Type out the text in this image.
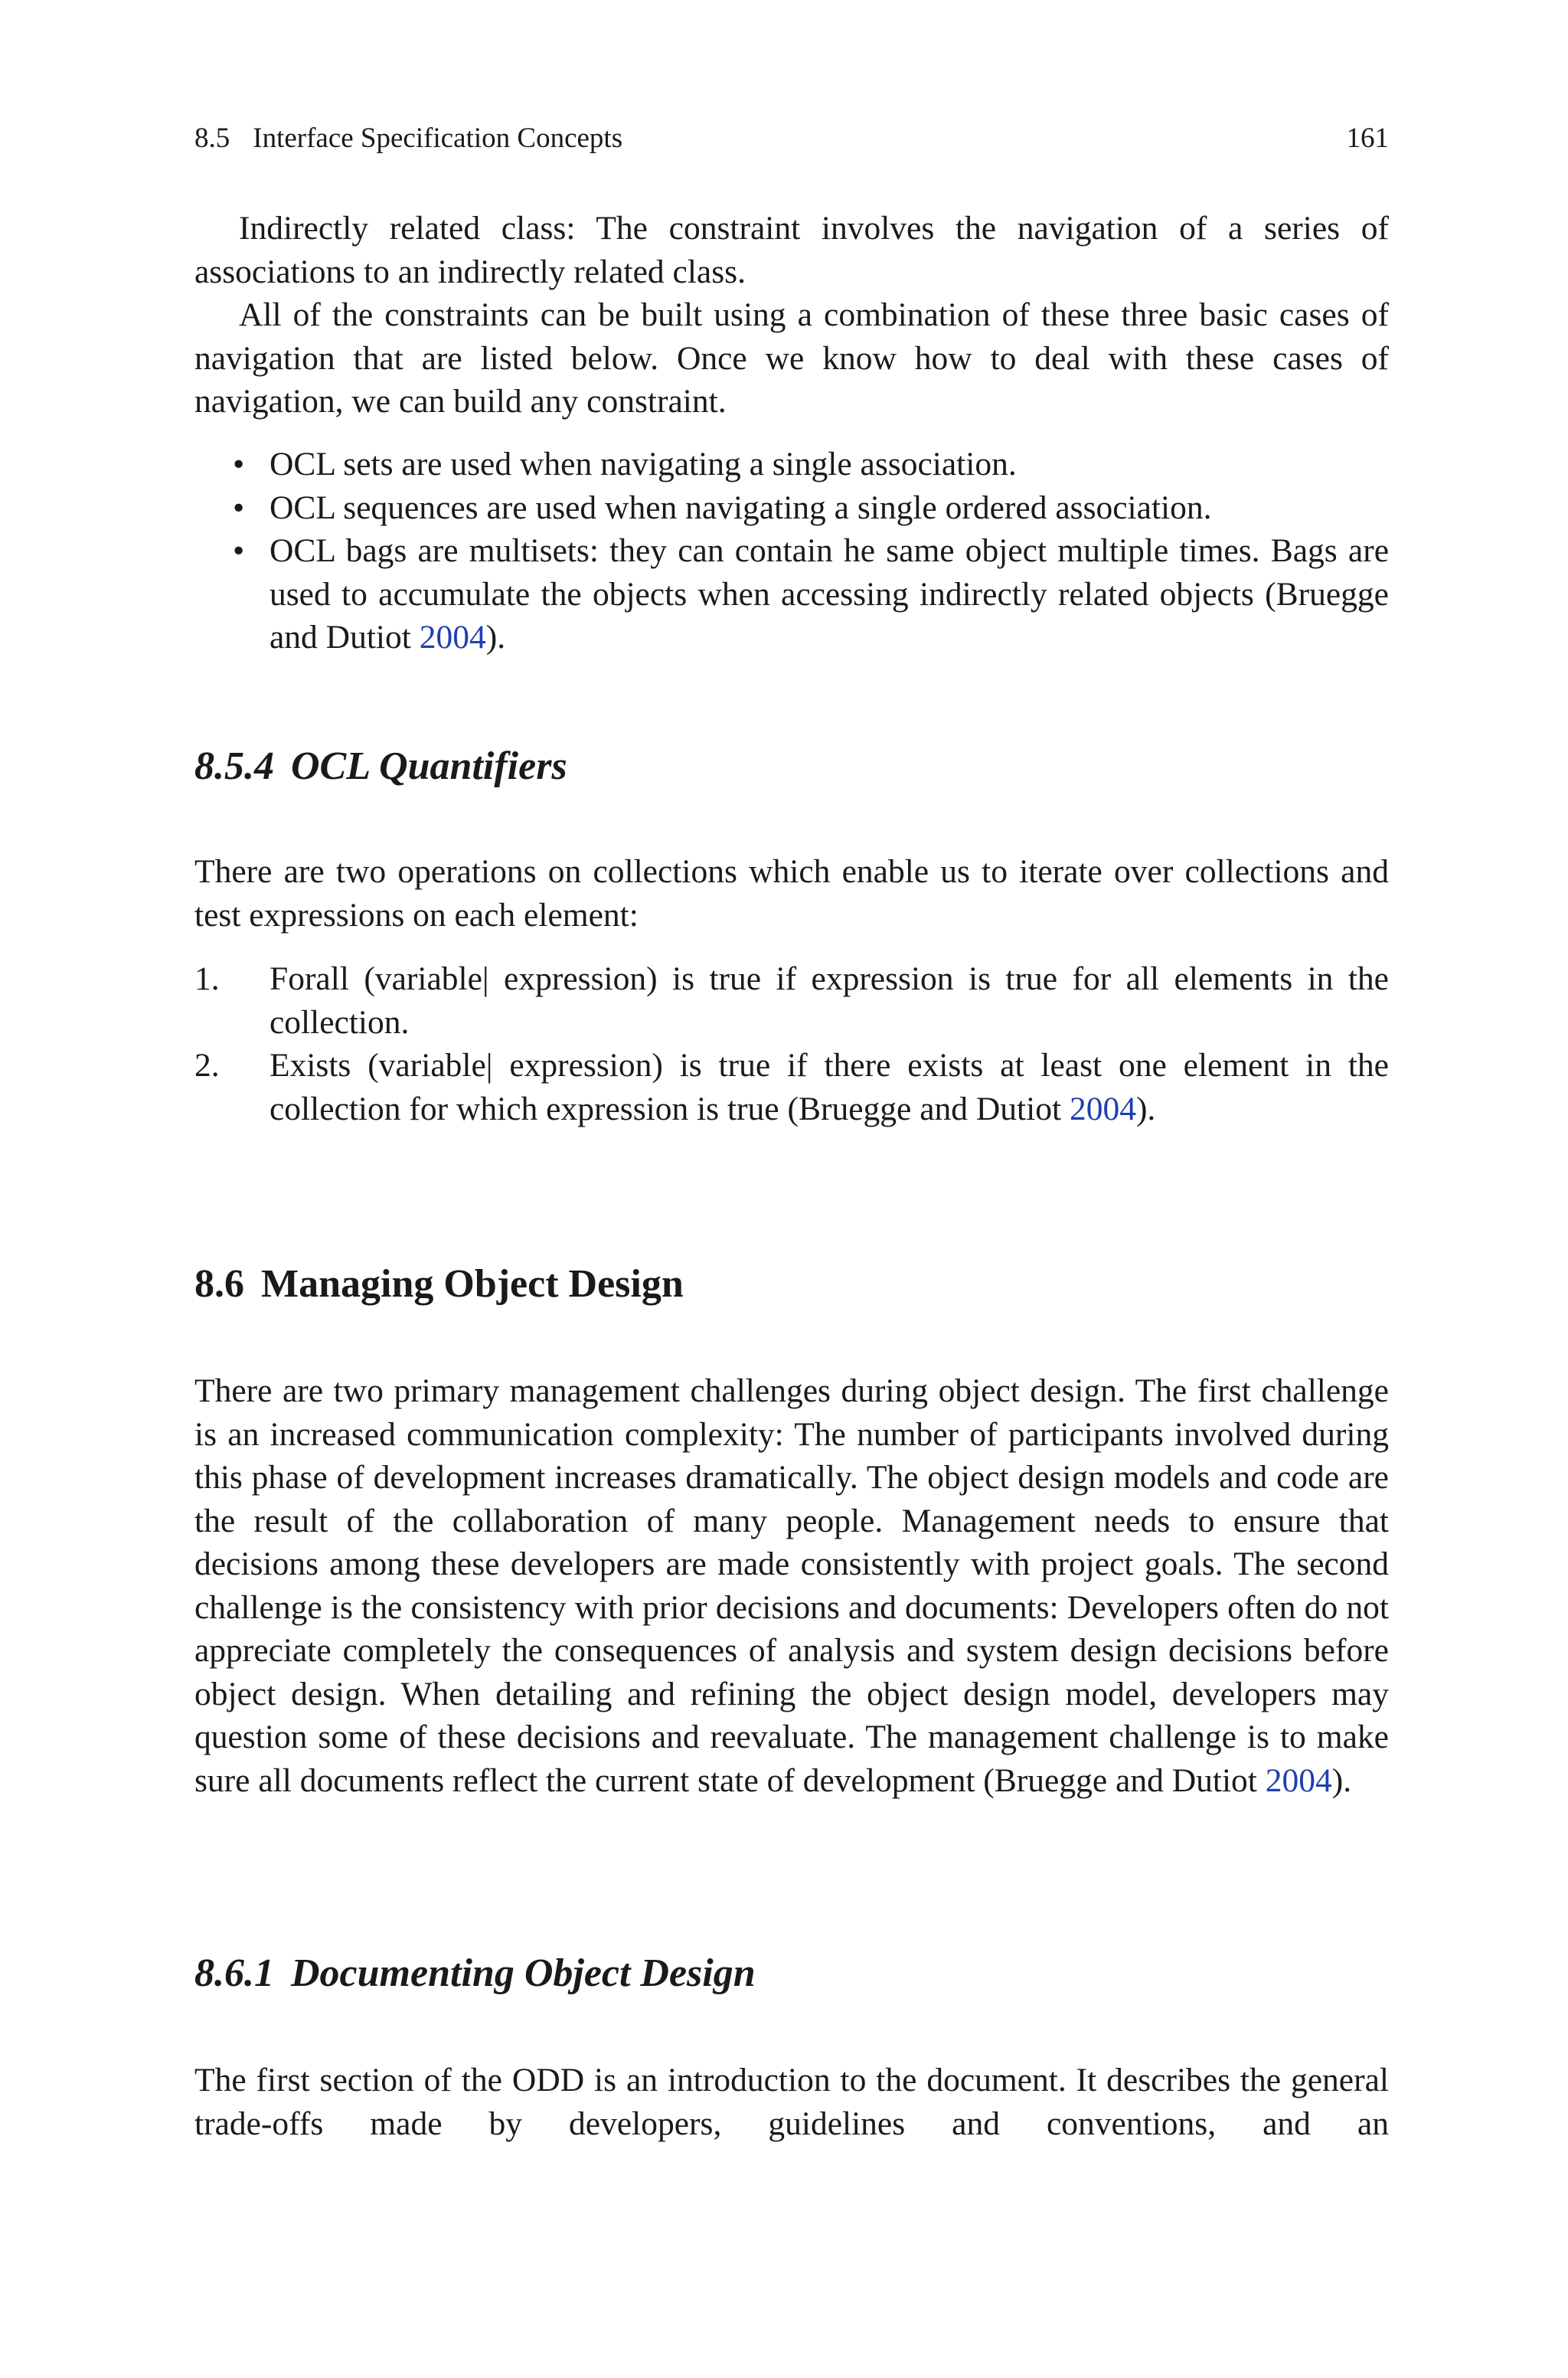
8.5 Interface Specification Concepts	161

Indirectly related class: The constraint involves the navigation of a series of associations to an indirectly related class.

All of the constraints can be built using a combination of these three basic cases of navigation that are listed below. Once we know how to deal with these cases of navigation, we can build any constraint.

• OCL sets are used when navigating a single association.
• OCL sequences are used when navigating a single ordered association.
• OCL bags are multisets: they can contain he same object multiple times. Bags are used to accumulate the objects when accessing indirectly related objects (Bruegge and Dutiot 2004).
8.5.4 OCL Quantifiers

There are two operations on collections which enable us to iterate over collections and test expressions on each element:

1. Forall (variable| expression) is true if expression is true for all elements in the collection.
2. Exists (variable| expression) is true if there exists at least one element in the collection for which expression is true (Bruegge and Dutiot 2004).
8.6 Managing Object Design

There are two primary management challenges during object design. The first challenge is an increased communication complexity: The number of participants involved during this phase of development increases dramatically. The object design models and code are the result of the collaboration of many people. Management needs to ensure that decisions among these developers are made consistently with project goals. The second challenge is the consistency with prior decisions and documents: Developers often do not appreciate completely the consequences of analysis and system design decisions before object design. When detailing and refining the object design model, developers may question some of these decisions and reevaluate. The management challenge is to make sure all documents reflect the current state of development (Bruegge and Dutiot 2004).

8.6.1 Documenting Object Design

The first section of the ODD is an introduction to the document. It describes the general trade-offs made by developers, guidelines and conventions, and an
